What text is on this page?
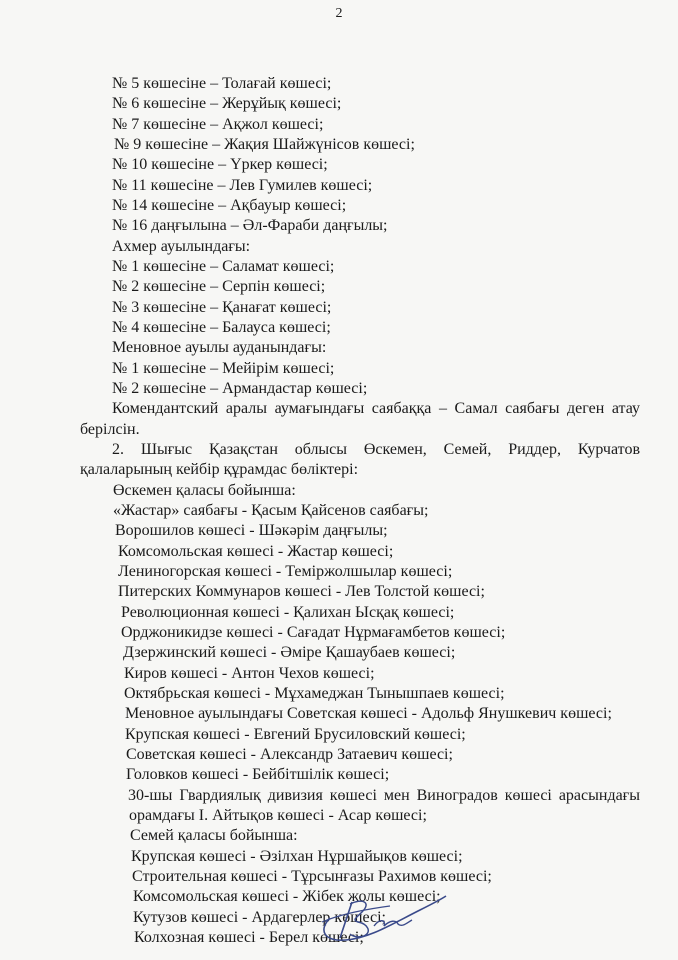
2
№ 5 көшесіне – Толағай көшесі;
№ 6 көшесіне – Жерұйық көшесі;
№ 7 көшесіне – Ақжол көшесі;
№ 9 көшесіне – Жақия Шайжүнісов көшесі;
№ 10 көшесіне – Үркер көшесі;
№ 11 көшесіне – Лев Гумилев көшесі;
№ 14 көшесіне – Ақбауыр көшесі;
№ 16 даңғылына – Әл-Фараби даңғылы;
Ахмер ауылындағы:
№ 1 көшесіне – Саламат көшесі;
№ 2 көшесіне – Серпін көшесі;
№ 3 көшесіне – Қанағат көшесі;
№ 4 көшесіне – Балауса көшесі;
Меновное ауылы ауданындағы:
№ 1 көшесіне – Мейірім көшесі;
№ 2 көшесіне – Армандастар көшесі;
Комендантский аралы аумағындағы саябаққа – Самал саябағы деген атау
берілсін.
2. Шығыс Қазақстан облысы Өскемен, Семей, Риддер, Курчатов
қалаларының кейбір құрамдас бөліктері:
Өскемен қаласы бойынша:
«Жастар» саябағы - Қасым Қайсенов саябағы;
Ворошилов көшесі - Шәкәрім даңғылы;
Комсомольская көшесі - Жастар көшесі;
Лениногорская көшесі - Теміржолшылар көшесі;
Питерских Коммунаров көшесі - Лев Толстой көшесі;
Революционная көшесі - Қалихан Ысқақ көшесі;
Орджоникидзе көшесі - Сағадат Нұрмағамбетов көшесі;
Дзержинский көшесі - Әміре Қашаубаев көшесі;
Киров көшесі - Антон Чехов көшесі;
Октябрьская көшесі - Мұхамеджан Тынышпаев көшесі;
Меновное ауылындағы Советская көшесі - Адольф Янушкевич көшесі;
Крупская көшесі - Евгений Брусиловский көшесі;
Советская көшесі - Александр Затаевич көшесі;
Головков көшесі - Бейбітшілік көшесі;
30-шы Гвардиялық дивизия көшесі мен Виноградов көшесі арасындағы
орамдағы І. Айтықов көшесі - Асар көшесі;
Семей қаласы бойынша:
Крупская көшесі - Әзілхан Нұршайықов көшесі;
Строительная көшесі - Тұрсынғазы Рахимов көшесі;
Комсомольская көшесі - Жібек жолы көшесі;
Кутузов көшесі - Ардагерлер көшесі;
Колхозная көшесі - Берел көшесі;
